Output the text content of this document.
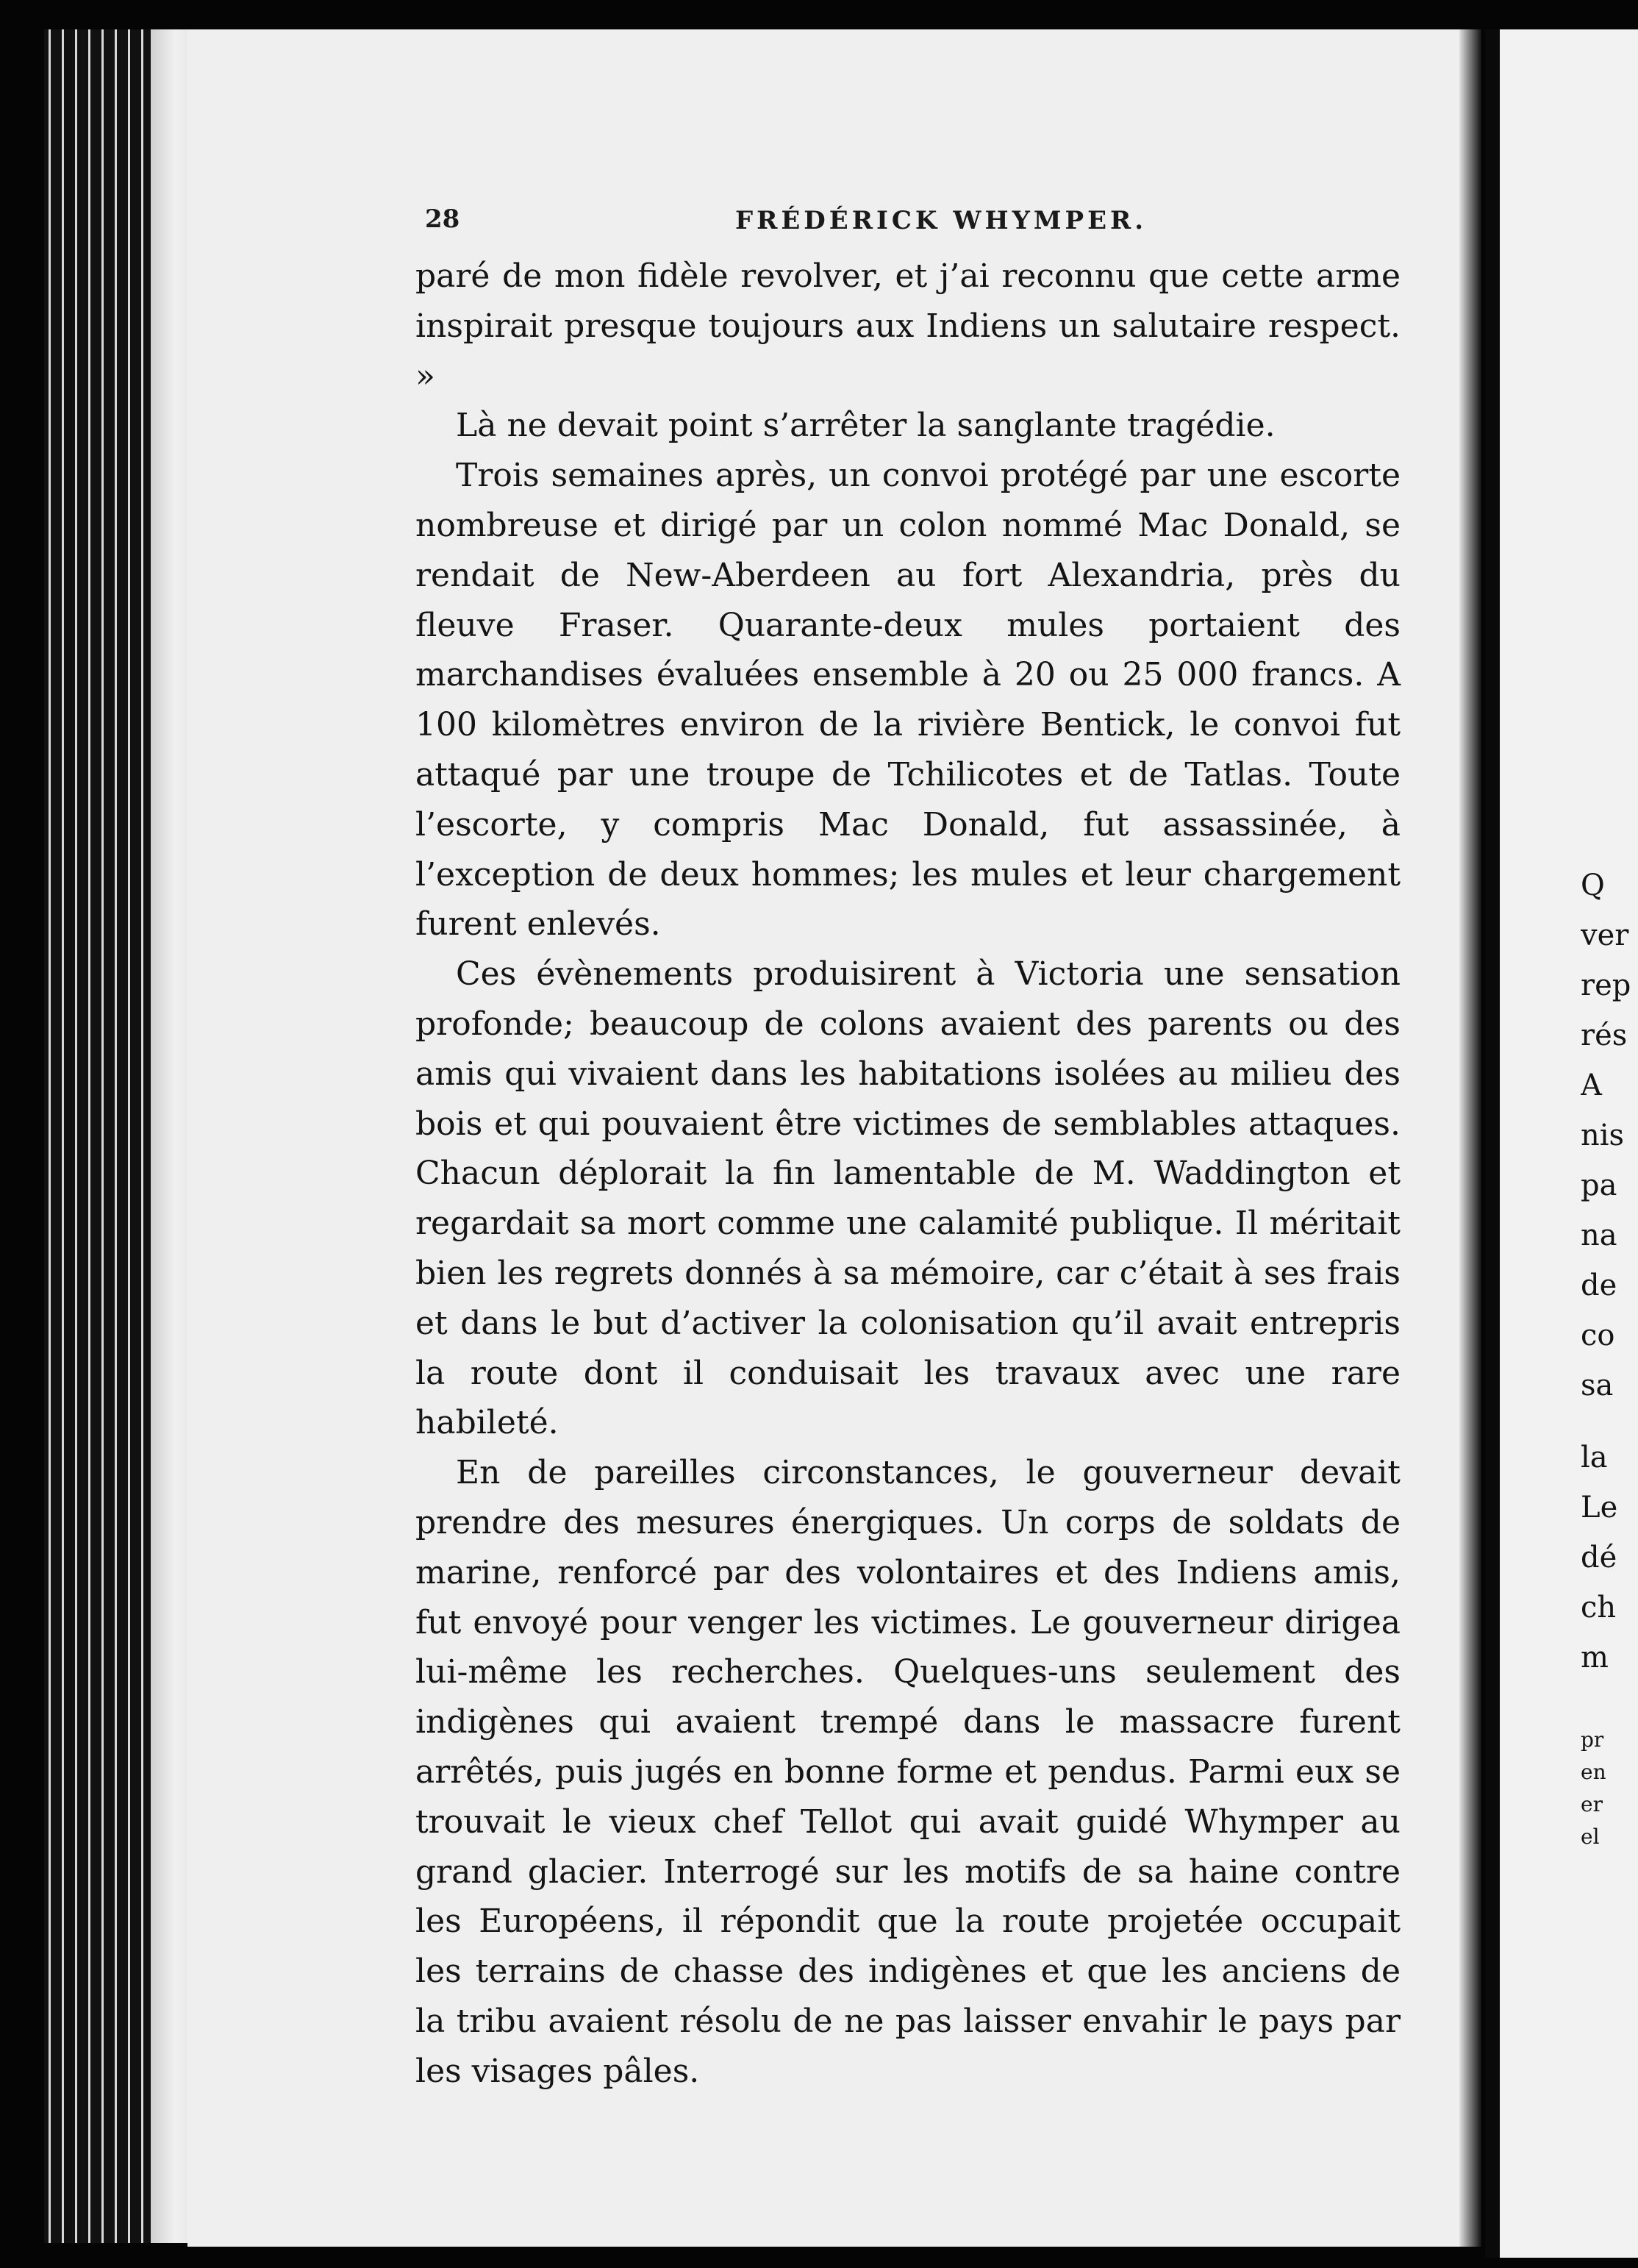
28	FRÉDÉRICK WHYMPER.

paré de mon fidèle revolver, et j’ai reconnu que cette arme inspirait presque toujours aux Indiens un salutaire respect. »

Là ne devait point s’arrêter la sanglante tragédie.

Trois semaines après, un convoi protégé par une escorte nombreuse et dirigé par un colon nommé Mac Donald, se rendait de New-Aberdeen au fort Alexandria, près du fleuve Fraser. Quarante-deux mules portaient des marchandises évaluées ensemble à 20 ou 25 000 francs. A 100 kilomètres environ de la rivière Bentick, le convoi fut attaqué par une troupe de Tchilicotes et de Tatlas. Toute l’escorte, y compris Mac Donald, fut assassinée, à l’exception de deux hommes; les mules et leur chargement furent enlevés.

Ces évènements produisirent à Victoria une sensation profonde; beaucoup de colons avaient des parents ou des amis qui vivaient dans les habitations isolées au milieu des bois et qui pouvaient être victimes de semblables attaques. Chacun déplorait la fin lamentable de M. Waddington et regardait sa mort comme une calamité publique. Il méritait bien les regrets donnés à sa mémoire, car c’était à ses frais et dans le but d’activer la colonisation qu’il avait entrepris la route dont il conduisait les travaux avec une rare habileté.

En de pareilles circonstances, le gouverneur devait prendre des mesures énergiques. Un corps de soldats de marine, renforcé par des volontaires et des Indiens amis, fut envoyé pour venger les victimes. Le gouverneur dirigea lui-même les recherches. Quelques-uns seulement des indigènes qui avaient trempé dans le massacre furent arrêtés, puis jugés en bonne forme et pendus. Parmi eux se trouvait le vieux chef Tellot qui avait guidé Whymper au grand glacier. Interrogé sur les motifs de sa haine contre les Européens, il répondit que la route projetée occupait les terrains de chasse des indigènes et que les anciens de la tribu avaient résolu de ne pas laisser envahir le pays par les visages pâles.

Q
ver
rep
rés
A
nis
pa
na
de
co
sa
la
Le
dé
ch
m
pr
en
er
el
